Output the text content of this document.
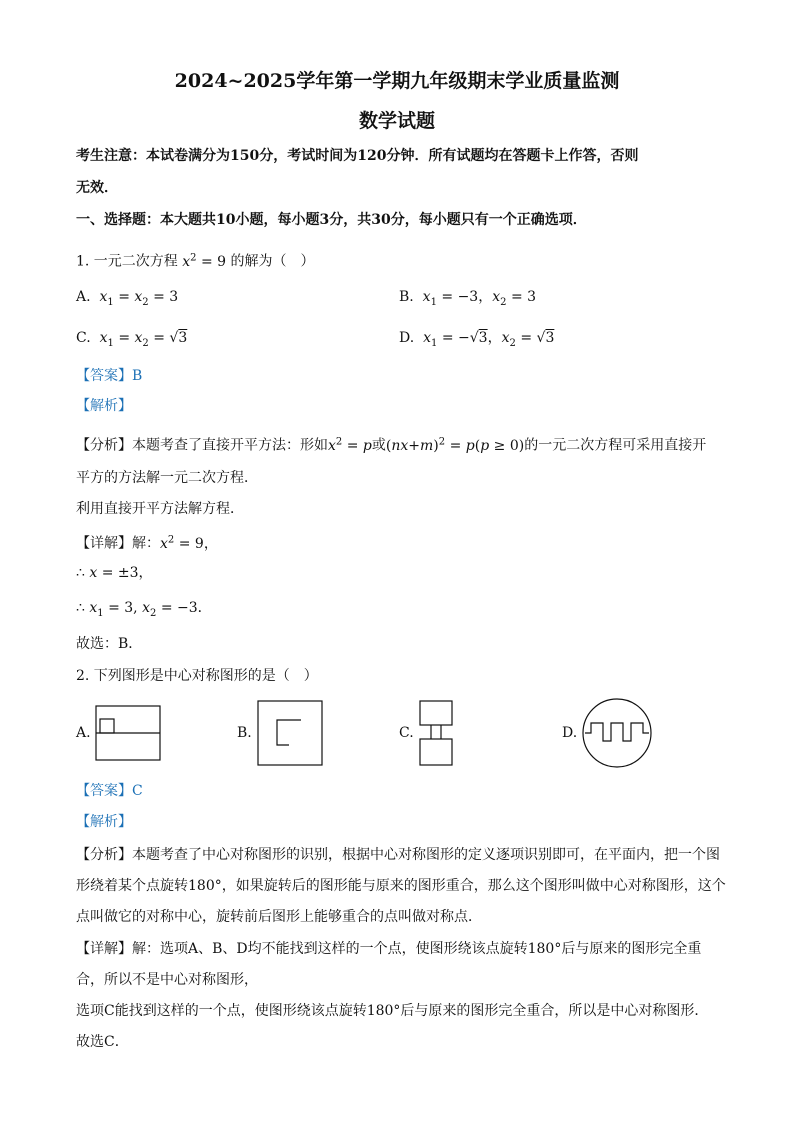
2024~2025学年第一学期九年级期末学业质量监测
数学试题
考生注意：本试卷满分为150分，考试时间为120分钟．所有试题均在答题卡上作答，否则
无效．
一、选择题：本大题共10小题，每小题3分，共30分，每小题只有一个正确选项．
1. 一元二次方程 $x^2 = 9$ 的解为（　）
A.  $x_1 = x_2 = 3$	B.  $x_1 = -3$，$x_2 = 3$
C.  $x_1 = x_2 = √3$	D.  $x_1 = -√3$，$x_2 = √3$
【答案】B
【解析】
【分析】本题考查了直接开平方法：形如$x^2 = p$或$(nx+m)^2 = p(p \ge 0)$的一元二次方程可采用直接开
平方的方法解一元二次方程．
利用直接开平方法解方程．
【详解】解：$x^2 = 9$，
∴ x = ±3，
∴ $x_1 = 3$, $x_2 = -3$．
故选：B．
2. 下列图形是中心对称图形的是（　）
A.	B.	C.	D.
【答案】C
【解析】
【分析】本题考查了中心对称图形的识别，根据中心对称图形的定义逐项识别即可，在平面内，把一个图
形绕着某个点旋转180°，如果旋转后的图形能与原来的图形重合，那么这个图形叫做中心对称图形，这个
点叫做它的对称中心，旋转前后图形上能够重合的点叫做对称点．
【详解】解：选项A、B、D均不能找到这样的一个点，使图形绕该点旋转180°后与原来的图形完全重
合，所以不是中心对称图形，
选项C能找到这样的一个点，使图形绕该点旋转180°后与原来的图形完全重合，所以是中心对称图形．
故选C．
